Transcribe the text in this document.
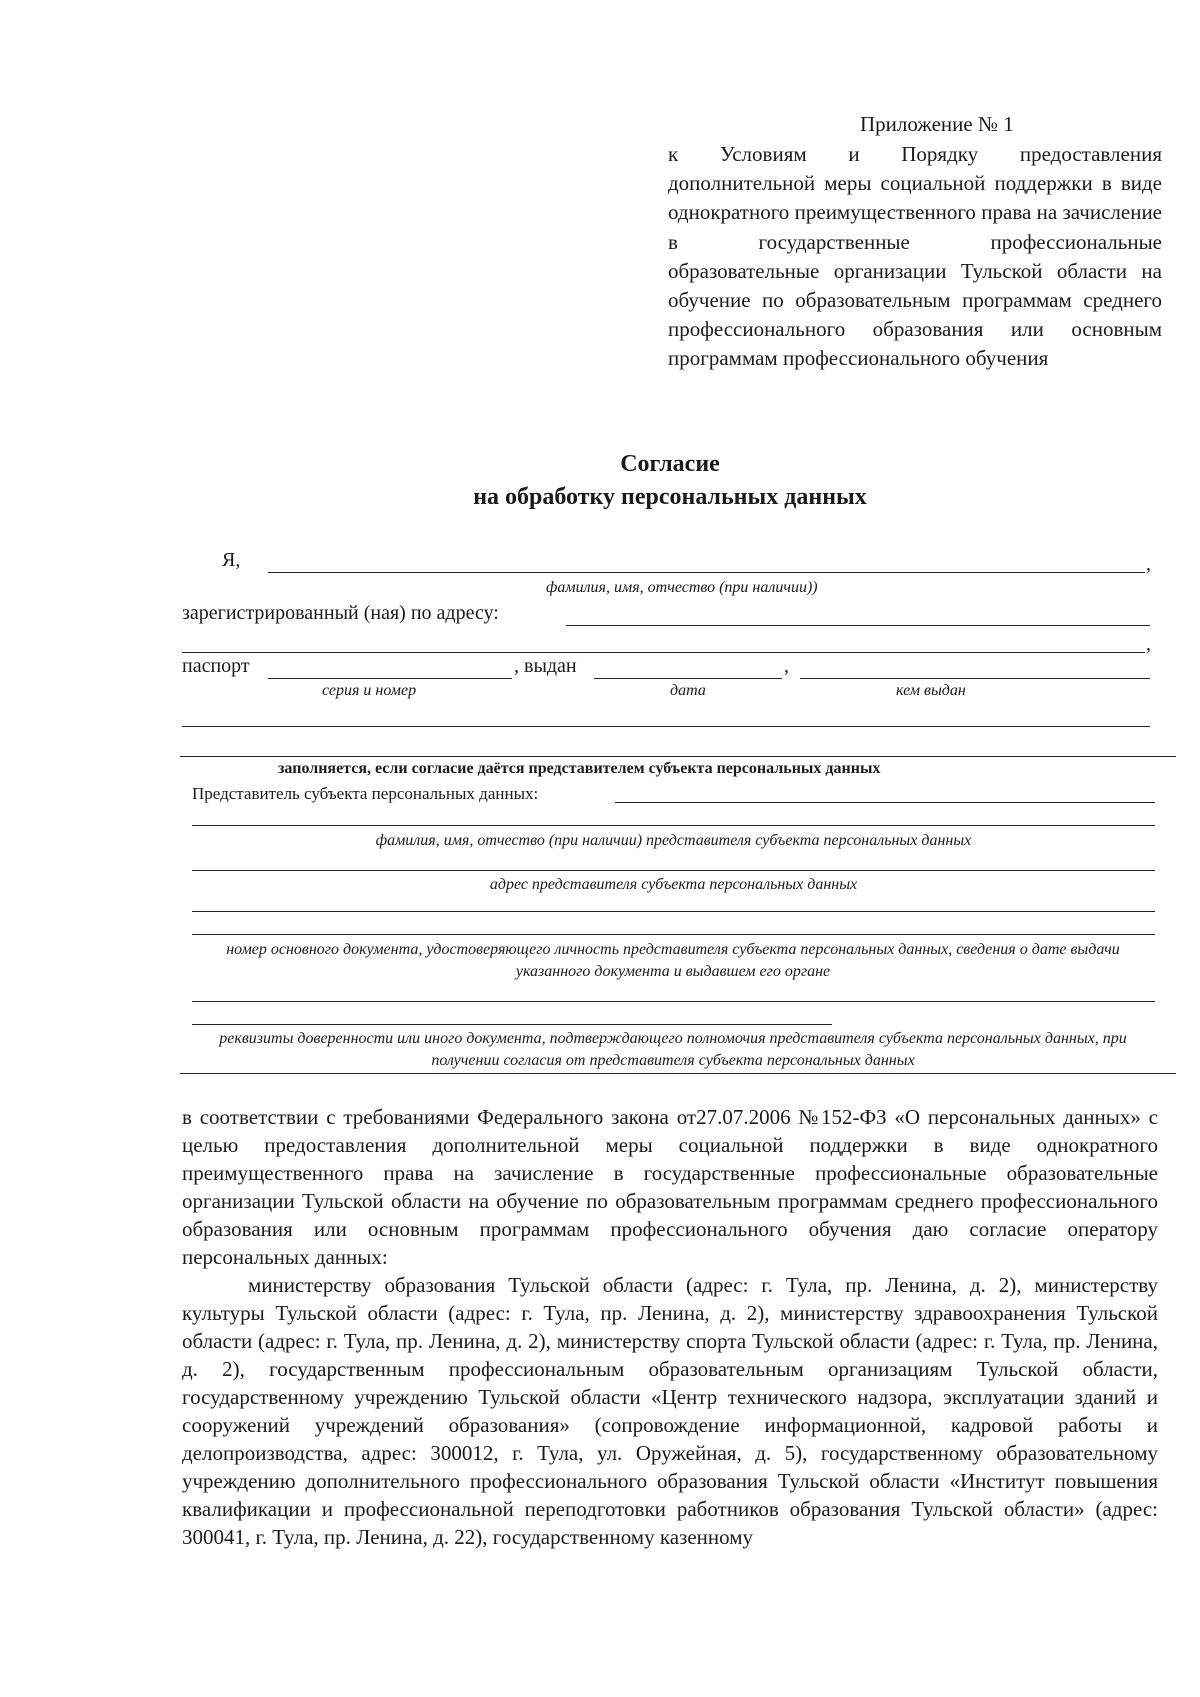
Приложение № 1

к Условиям и Порядку предоставления дополнительной меры социальной поддержки в виде однократного преимущественного права на зачисление в государственные профессиональные образовательные организации Тульской области на обучение по образовательным программам среднего профессионального образования или основным программам профессионального обучения

Согласие
на обработку персональных данных
Я,	,
фамилия, имя, отчество (при наличии))
зарегистрированный (ная) по адресу:
,
паспорт	, выдан	,
серия и номер	дата	кем выдан
заполняется, если согласие даётся представителем субъекта персональных данных
Представитель субъекта персональных данных:
фамилия, имя, отчество (при наличии) представителя субъекта персональных данных
адрес представителя субъекта персональных данных
номер основного документа, удостоверяющего личность представителя субъекта персональных данных, сведения о дате выдачи указанного документа и выдавшем его органе
реквизиты доверенности или иного документа, подтверждающего полномочия представителя субъекта персональных данных, при получении согласия от представителя субъекта персональных данных

в соответствии с требованиями Федерального закона от27.07.2006 №152-ФЗ «О персональных данных» с целью предоставления дополнительной меры социальной поддержки в виде однократного преимущественного права на зачисление в государственные профессиональные образовательные организации Тульской области на обучение по образовательным программам среднего профессионального образования или основным программам профессионального обучения даю согласие оператору персональных данных:

министерству образования Тульской области (адрес: г. Тула, пр. Ленина, д. 2), министерству культуры Тульской области (адрес: г. Тула, пр. Ленина, д. 2), министерству здравоохранения Тульской области (адрес: г. Тула, пр. Ленина, д. 2), министерству спорта Тульской области (адрес: г. Тула, пр. Ленина, д. 2), государственным профессиональным образовательным организациям Тульской области, государственному учреждению Тульской области «Центр технического надзора, эксплуатации зданий и сооружений учреждений образования» (сопровождение информационной, кадровой работы и делопроизводства, адрес: 300012, г. Тула, ул. Оружейная, д. 5), государственному образовательному учреждению дополнительного профессионального образования Тульской области «Институт повышения квалификации и профессиональной переподготовки работников образования Тульской области» (адрес: 300041, г. Тула, пр. Ленина, д. 22), государственному казенному
